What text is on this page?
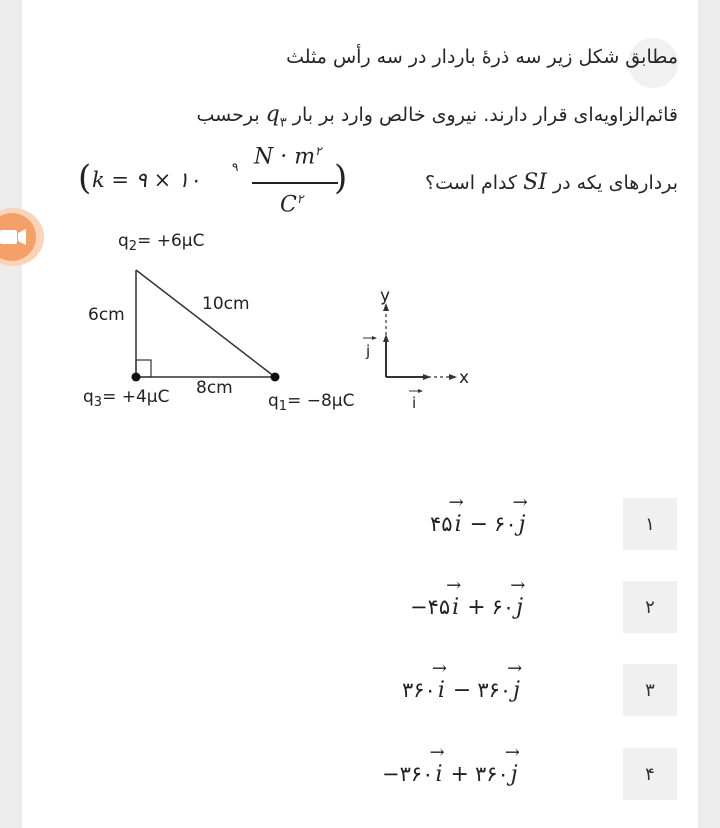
مطابق شکل زیر سه ذرهٔ باردار در سه رأس مثلث
قائم‌الزاویه‌ای قرار دارند. نیروی خالص وارد بر بار $q_۳$ برحسب
بردارهای یکه در SI کدام است؟
( k = ۹ × ۱۰
۹ $N \cdot m^۲$
$C^۲$
)
$q_2= +6\mu C$
6cm
10cm
8cm
$q_3= +4\mu C$	$q_1= -8\mu C$
y
x
j
i
۱
۴۵
→
i − ۶۰
→
j
۲
−۴۵
→
i + ۶۰
→
j
۳
۳۶۰
→
i − ۳۶۰
→
j
۴
−۳۶۰
→
i + ۳۶۰
→
j
